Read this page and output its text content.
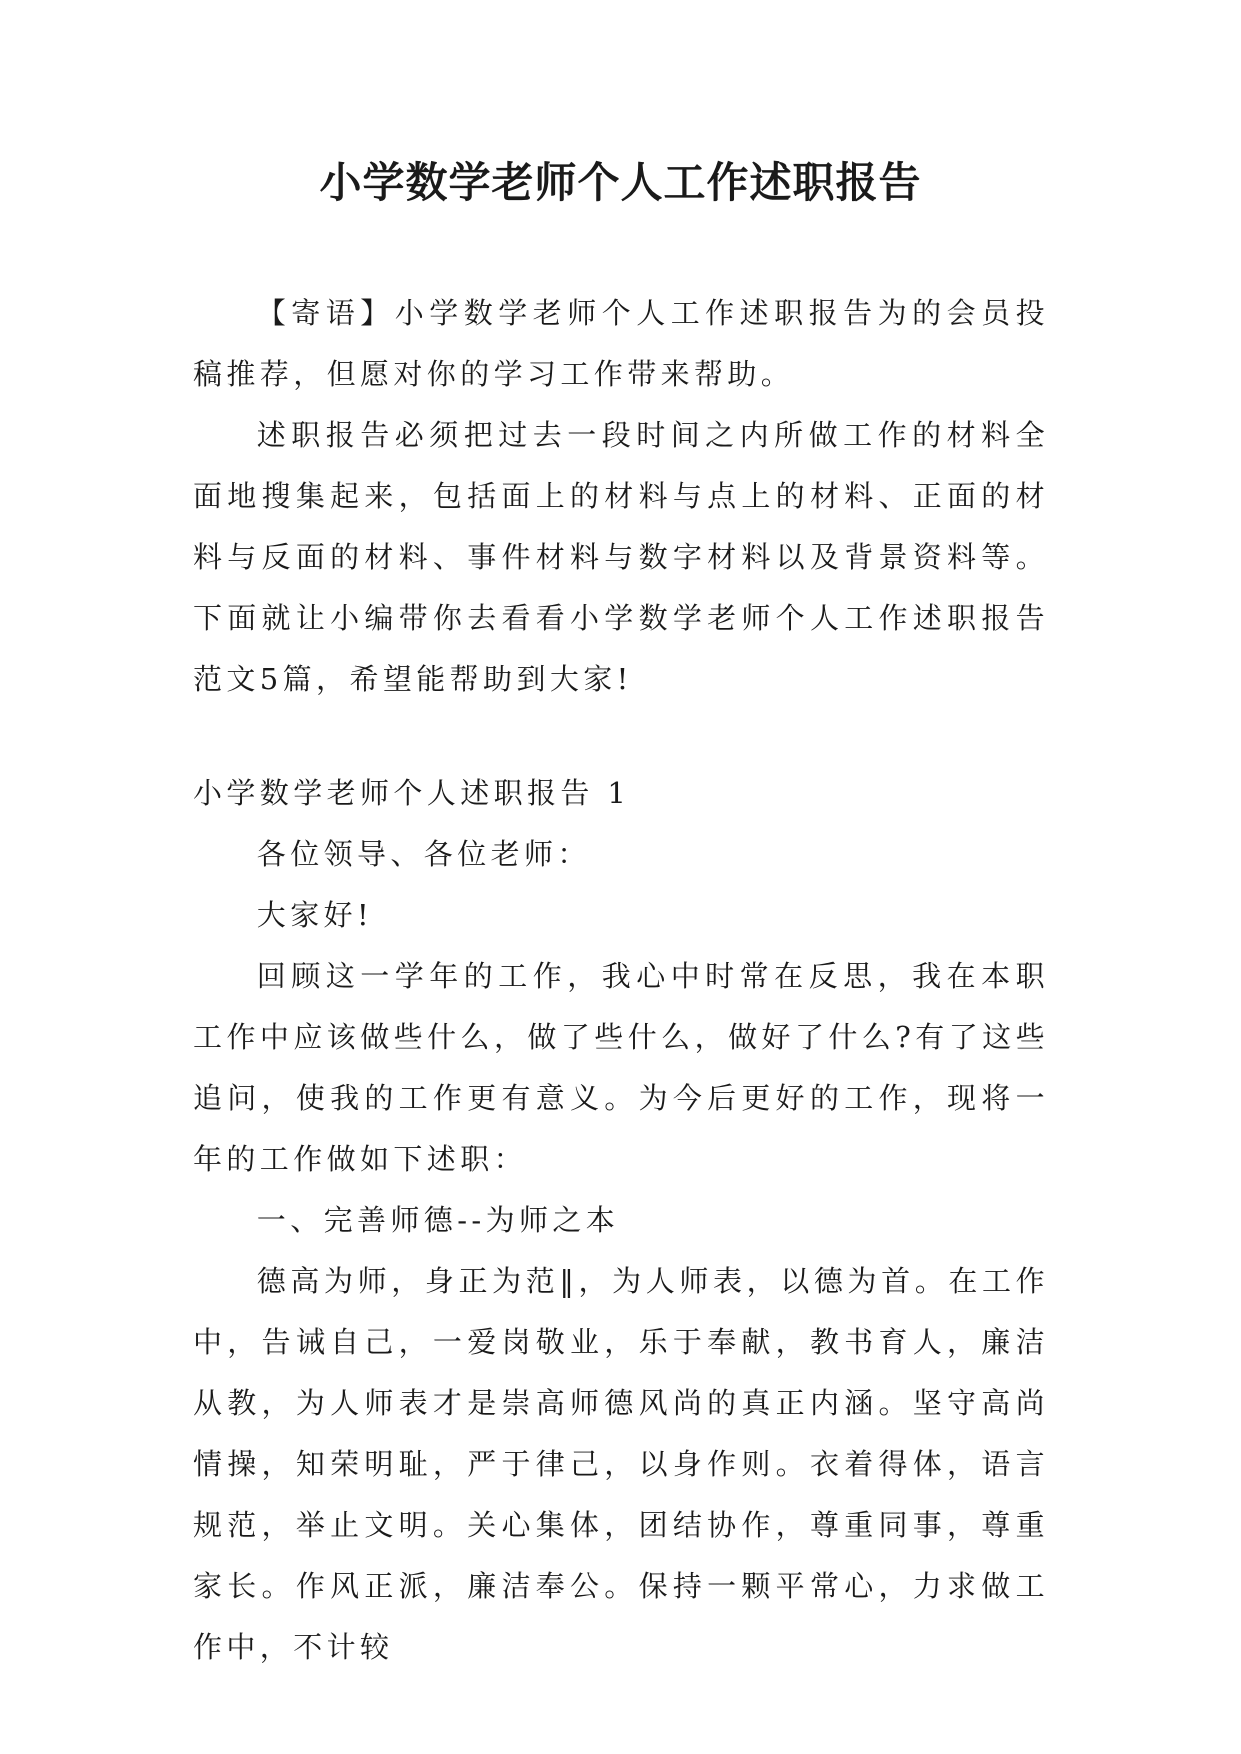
小学数学老师个人工作述职报告

【寄语】小学数学老师个人工作述职报告为的会员投稿推荐，但愿对你的学习工作带来帮助。

述职报告必须把过去一段时间之内所做工作的材料全面地搜集起来，包括面上的材料与点上的材料、正面的材料与反面的材料、事件材料与数字材料以及背景资料等。下面就让小编带你去看看小学数学老师个人工作述职报告范文5篇，希望能帮助到大家!

小学数学老师个人述职报告 1

各位领导、各位老师：

大家好!

回顾这一学年的工作，我心中时常在反思，我在本职工作中应该做些什么，做了些什么，做好了什么?有了这些追问，使我的工作更有意义。为今后更好的工作，现将一年的工作做如下述职：

一、完善师德--为师之本

德高为师，身正为范‖，为人师表，以德为首。在工作中，告诫自己，一爱岗敬业，乐于奉献，教书育人，廉洁从教，为人师表才是崇高师德风尚的真正内涵。坚守高尚情操，知荣明耻，严于律己，以身作则。衣着得体，语言规范，举止文明。关心集体，团结协作，尊重同事，尊重家长。作风正派，廉洁奉公。保持一颗平常心，力求做工作中，不计较
